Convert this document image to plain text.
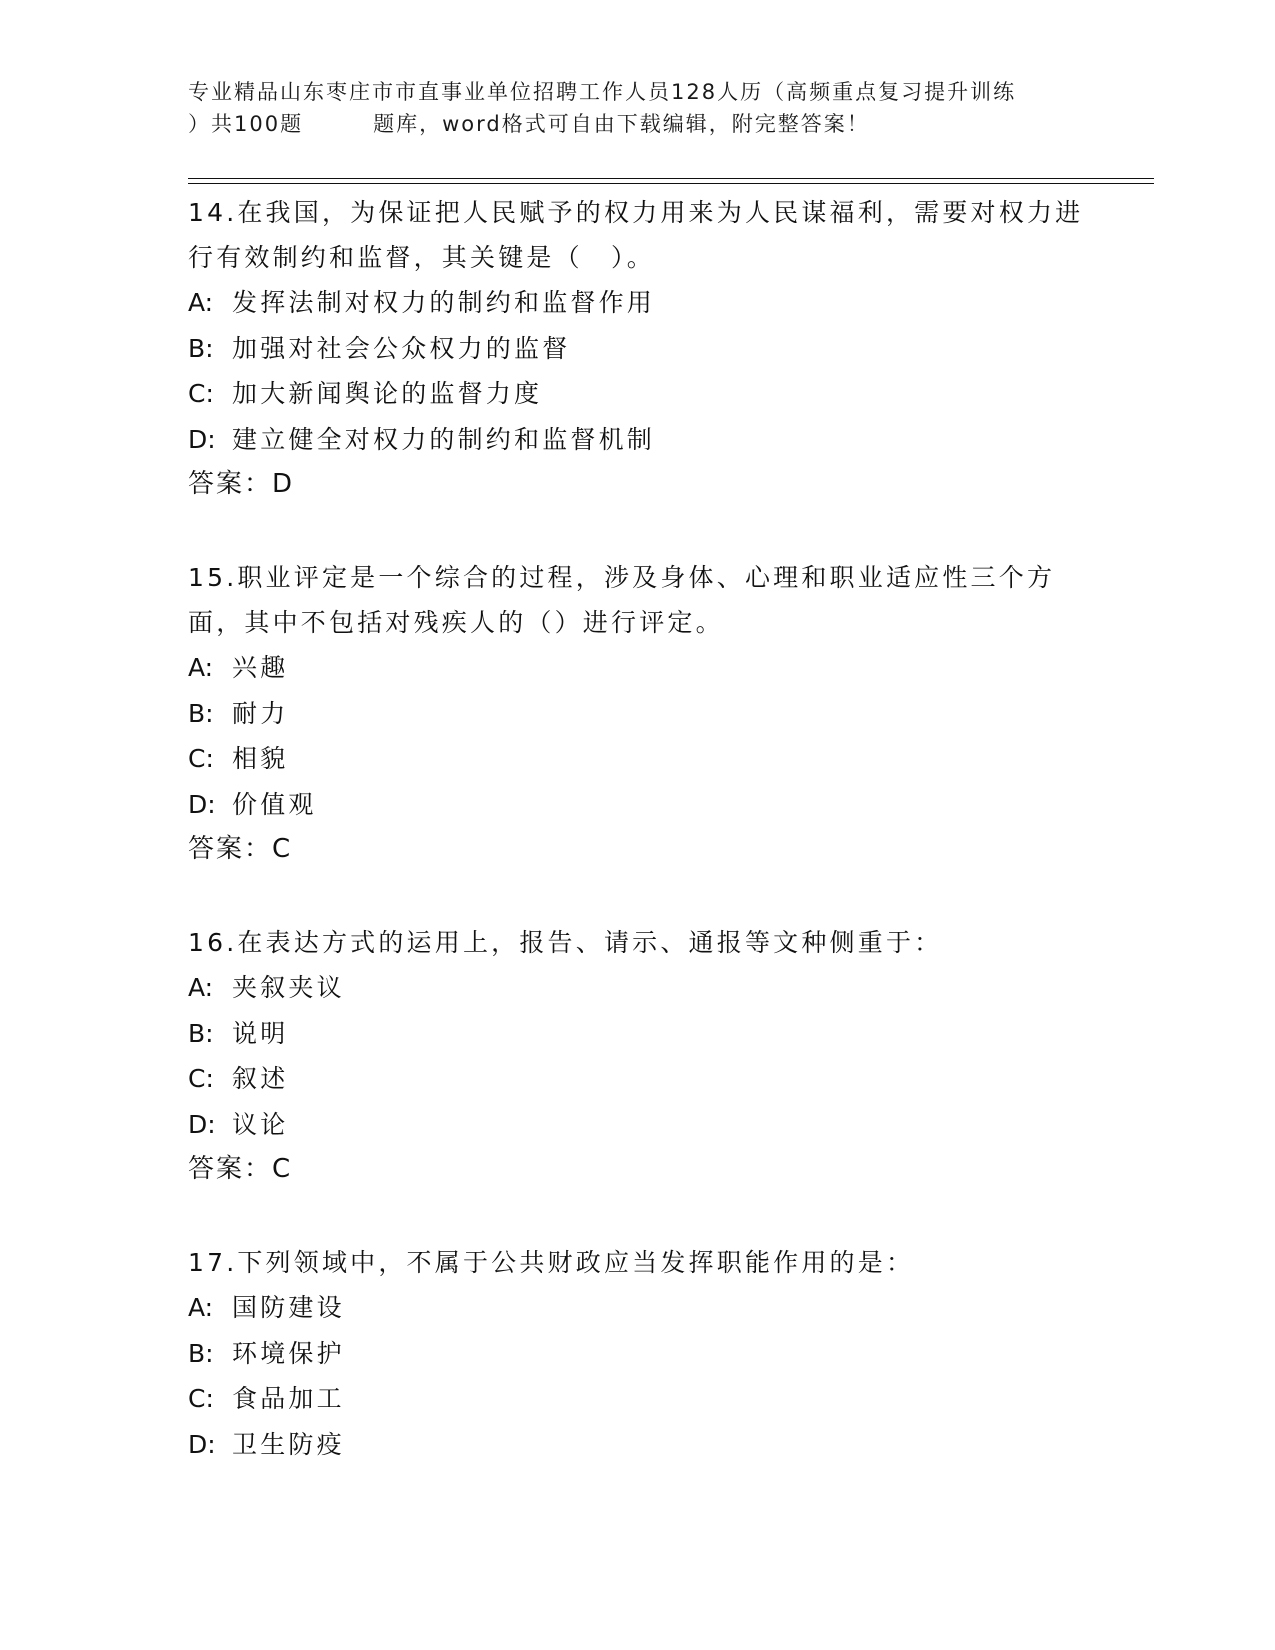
专业精品山东枣庄市市直事业单位招聘工作人员128人历（高频重点复习提升训练
）共100题	题库，word格式可自由下载编辑，附完整答案！

14.在我国，为保证把人民赋予的权力用来为人民谋福利，需要对权力进行有效制约和监督，其关键是（　）。

A: 发挥法制对权力的制约和监督作用

B: 加强对社会公众权力的监督

C: 加大新闻舆论的监督力度

D: 建立健全对权力的制约和监督机制

答案：D

15.职业评定是一个综合的过程，涉及身体、心理和职业适应性三个方面，其中不包括对残疾人的（）进行评定。

A: 兴趣

B: 耐力

C: 相貌

D: 价值观

答案：C

16.在表达方式的运用上，报告、请示、通报等文种侧重于：

A: 夹叙夹议

B: 说明

C: 叙述

D: 议论

答案：C

17.下列领域中，不属于公共财政应当发挥职能作用的是：

A: 国防建设

B: 环境保护

C: 食品加工

D: 卫生防疫
